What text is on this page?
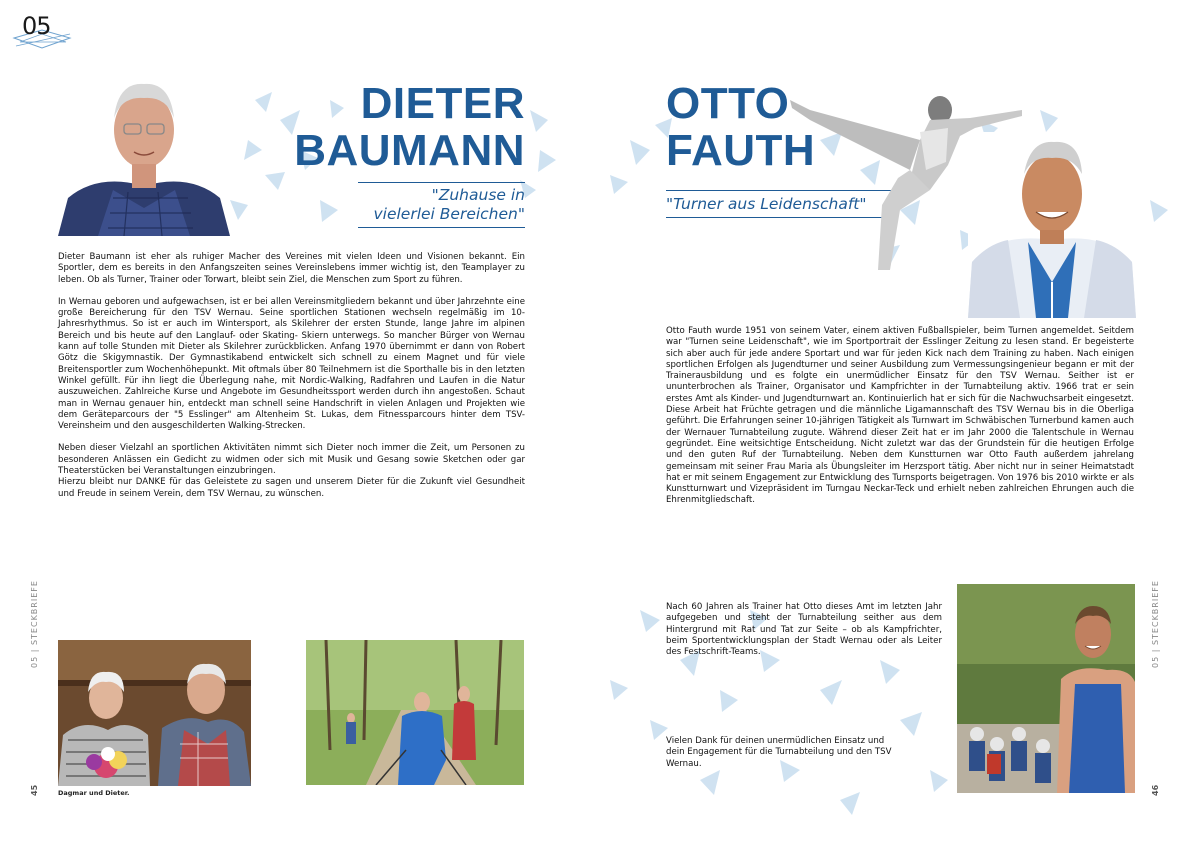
05
DIETER
BAUMANN
"Zuhause in
vielerlei Bereichen"

Dieter Baumann ist eher als ruhiger Macher des Vereines mit vielen Ideen und Visionen bekannt. Ein Sportler, dem es bereits in den Anfangszeiten seines Vereinslebens immer wichtig ist, den Teamplayer zu leben. Ob als Turner, Trainer oder Torwart, bleibt sein Ziel, die Menschen zum Sport zu führen.

In Wernau geboren und aufgewachsen, ist er bei allen Vereinsmitgliedern bekannt und über Jahrzehnte eine große Bereicherung für den TSV Wernau. Seine sportlichen Stationen wechseln regelmäßig im 10-Jahresrhythmus. So ist er auch im Wintersport, als Skilehrer der ersten Stunde, lange Jahre im alpinen Bereich und bis heute auf den Langlauf- oder Skating- Skiern unterwegs. So mancher Bürger von Wernau kann auf tolle Stunden mit Dieter als Skilehrer zurückblicken. Anfang 1970 übernimmt er dann von Robert Götz die Skigymnastik. Der Gymnastikabend entwickelt sich schnell zu einem Magnet und für viele Breitensportler zum Wochenhöhepunkt. Mit oftmals über 80 Teilnehmern ist die Sporthalle bis in den letzten Winkel gefüllt. Für ihn liegt die Überlegung nahe, mit Nordic-Walking, Radfahren und Laufen in die Natur auszuweichen. Zahlreiche Kurse und Angebote im Gesundheitssport werden durch ihn angestoßen. Schaut man in Wernau genauer hin, entdeckt man schnell seine Handschrift in vielen Anlagen und Projekten wie dem Geräteparcours der "5 Esslinger" am Altenheim St. Lukas, dem Fitnessparcours hinter dem TSV-Vereinsheim und den ausgeschilderten Walking-Strecken.

Neben dieser Vielzahl an sportlichen Aktivitäten nimmt sich Dieter noch immer die Zeit, um Personen zu besonderen Anlässen ein Gedicht zu widmen oder sich mit Musik und Gesang sowie Sketchen oder gar Theaterstücken bei Veranstaltungen einzubringen.

Hierzu bleibt nur DANKE für das Geleistete zu sagen und unserem Dieter für die Zukunft viel Gesundheit und Freude in seinem Verein, dem TSV Wernau, zu wünschen.

05 | STECKBRIEFE
45	Dagmar und Dieter.
OTTO
FAUTH
"Turner aus Leidenschaft"
Otto Fauth wurde 1951 von seinem Vater, einem aktiven Fußballspieler, beim Turnen angemeldet. Seitdem war "Turnen seine Leidenschaft", wie im Sportportrait der Esslinger Zeitung zu lesen stand. Er begeisterte sich aber auch für jede andere Sportart und war für jeden Kick nach dem Training zu haben. Nach einigen sportlichen Erfolgen als Jugendturner und seiner Ausbildung zum Vermessungsingenieur begann er mit der Trainerausbildung und es folgte ein unermüdlicher Einsatz für den TSV Wernau. Seither ist er ununterbrochen als Trainer, Organisator und Kampfrichter in der Turnabteilung aktiv. 1966 trat er sein erstes Amt als Kinder- und Jugendturnwart an. Kontinuierlich hat er sich für die Nachwuchsarbeit eingesetzt. Diese Arbeit hat Früchte getragen und die männliche Ligamannschaft des TSV Wernau bis in die Oberliga geführt. Die Erfahrungen seiner 10-jährigen Tätigkeit als Turnwart im Schwäbischen Turnerbund kamen auch der Wernauer Turnabteilung zugute. Während dieser Zeit hat er im Jahr 2000 die Talentschule in Wernau gegründet. Eine weitsichtige Entscheidung. Nicht zuletzt war das der Grundstein für die heutigen Erfolge und den guten Ruf der Turnabteilung. Neben dem Kunstturnen war Otto Fauth außerdem jahrelang gemeinsam mit seiner Frau Maria als Übungsleiter im Herzsport tätig. Aber nicht nur in seiner Heimatstadt hat er mit seinem Engagement zur Entwicklung des Turnsports beigetragen. Von 1976 bis 2010 wirkte er als Kunstturnwart und Vizepräsident im Turngau Neckar-Teck und erhielt neben zahlreichen Ehrungen auch die Ehrenmitgliedschaft.
Nach 60 Jahren als Trainer hat Otto dieses Amt im letzten Jahr aufgegeben und steht der Turnabteilung seither aus dem Hintergrund mit Rat und Tat zur Seite – ob als Kampfrichter, beim Sportentwicklungsplan der Stadt Wernau oder als Leiter des Festschrift-Teams.
Vielen Dank für deinen unermüdlichen Einsatz und dein Engagement für die Turnabteilung und den TSV Wernau.
05 | STECKBRIEFE
46
